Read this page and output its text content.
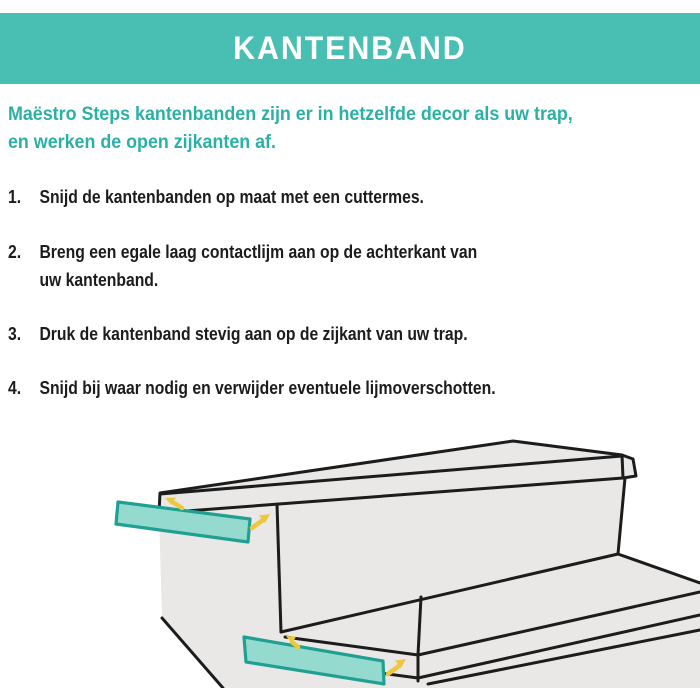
KANTENBAND
Maëstro Steps kantenbanden zijn er in hetzelfde decor als uw trap,
en werken de open zijkanten af.
1. Snijd de kantenbanden op maat met een cuttermes.
2. Breng een egale laag contactlijm aan op de achterkant van
uw kantenband.
3. Druk de kantenband stevig aan op de zijkant van uw trap.
4. Snijd bij waar nodig en verwijder eventuele lijmoverschotten.
